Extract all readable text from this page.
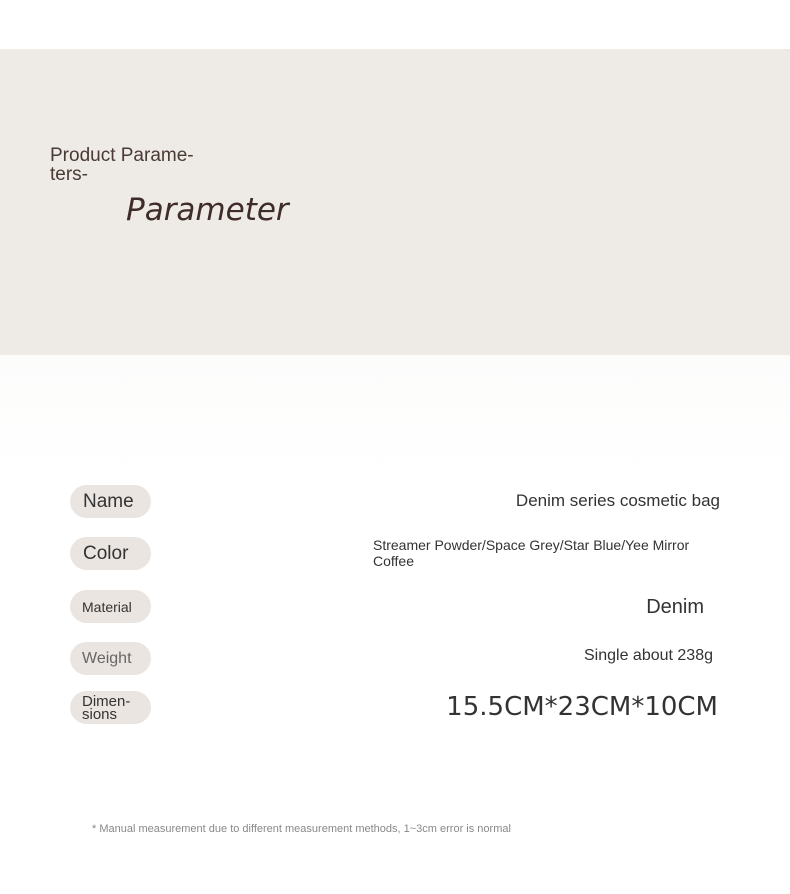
Product Parame-
ters-
Parameter
Name	Denim series cosmetic bag
Color	Streamer Powder/Space Grey/Star Blue/Yee Mirror
Coffee
Material	Denim
Weight	Single about 238g
Dimen-
sions	15.5CM*23CM*10CM
* Manual measurement due to different measurement methods, 1~3cm error is normal
